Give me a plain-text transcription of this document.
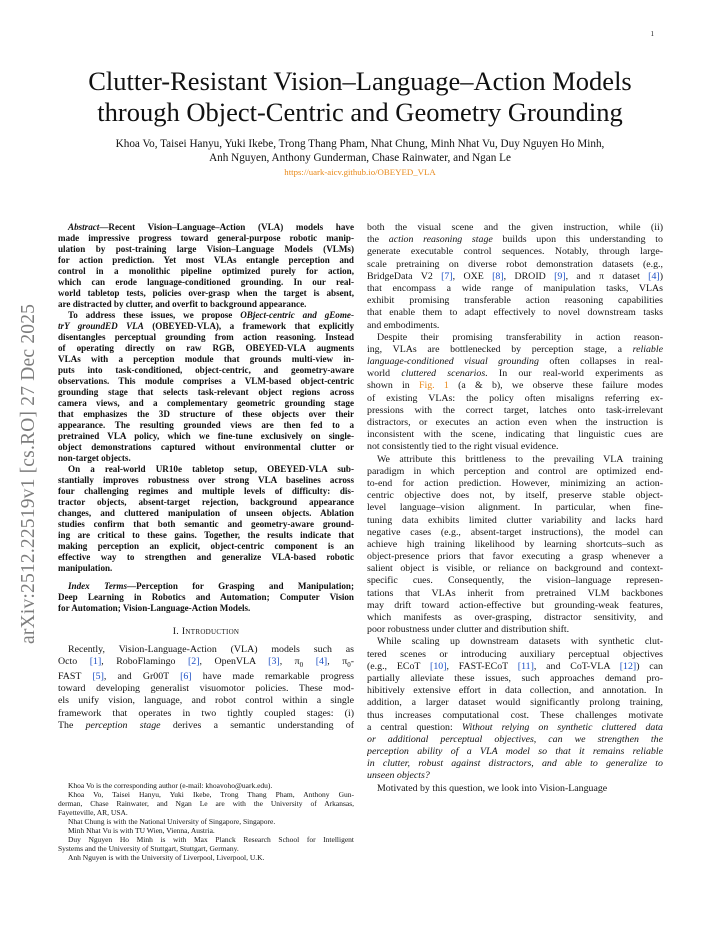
1
arXiv:2512.22519v1 [cs.RO] 27 Dec 2025
Clutter-Resistant Vision–Language–Action Models
through Object-Centric and Geometry Grounding
Khoa Vo, Taisei Hanyu, Yuki Ikebe, Trong Thang Pham, Nhat Chung, Minh Nhat Vu, Duy Nguyen Ho Minh,
Anh Nguyen, Anthony Gunderman, Chase Rainwater, and Ngan Le
https://uark-aicv.github.io/OBEYED_VLA
Abstract—Recent Vision–Language–Action (VLA) models have
made impressive progress toward general-purpose robotic manip-
ulation by post-training large Vision–Language Models (VLMs)
for action prediction. Yet most VLAs entangle perception and
control in a monolithic pipeline optimized purely for action,
which can erode language-conditioned grounding. In our real-
world tabletop tests, policies over-grasp when the target is absent,
are distracted by clutter, and overfit to background appearance.
To address these issues, we propose OBject-centric and gEome-
trY groundED VLA (OBEYED-VLA), a framework that explicitly
disentangles perceptual grounding from action reasoning. Instead
of operating directly on raw RGB, OBEYED-VLA augments
VLAs with a perception module that grounds multi-view in-
puts into task-conditioned, object-centric, and geometry-aware
observations. This module comprises a VLM-based object-centric
grounding stage that selects task-relevant object regions across
camera views, and a complementary geometric grounding stage
that emphasizes the 3D structure of these objects over their
appearance. The resulting grounded views are then fed to a
pretrained VLA policy, which we fine-tune exclusively on single-
object demonstrations captured without environmental clutter or
non-target objects.
On a real-world UR10e tabletop setup, OBEYED-VLA sub-
stantially improves robustness over strong VLA baselines across
four challenging regimes and multiple levels of difficulty: dis-
tractor objects, absent-target rejection, background appearance
changes, and cluttered manipulation of unseen objects. Ablation
studies confirm that both semantic and geometry-aware ground-
ing are critical to these gains. Together, the results indicate that
making perception an explicit, object-centric component is an
effective way to strengthen and generalize VLA-based robotic
manipulation.
Index Terms—Perception for Grasping and Manipulation;
Deep Learning in Robotics and Automation; Computer Vision
for Automation; Vision-Language-Action Models.
I. Introduction
Recently, Vision-Language-Action (VLA) models such as
Octo [1], RoboFlamingo [2], OpenVLA [3], $\pi_0$ [4], $\pi_0-$
FAST [5], and Gr00T [6] have made remarkable progress
toward developing generalist visuomotor policies. These mod-
els unify vision, language, and robot control within a single
framework that operates in two tightly coupled stages: (i)
The perception stage derives a semantic understanding of
Khoa Vo is the corresponding author (e-mail: khoavoho@uark.edu).
Khoa Vo, Taisei Hanyu, Yuki Ikebe, Trong Thang Pham, Anthony Gun-
derman, Chase Rainwater, and Ngan Le are with the University of Arkansas,
Fayetteville, AR, USA.
Nhat Chung is with the National University of Singapore, Singapore.
Minh Nhat Vu is with TU Wien, Vienna, Austria.
Duy Nguyen Ho Minh is with Max Planck Research School for Intelligent
Systems and the University of Stuttgart, Stuttgart, Germany.
Anh Nguyen is with the University of Liverpool, Liverpool, U.K.
both the visual scene and the given instruction, while (ii)
the action reasoning stage builds upon this understanding to
generate executable control sequences. Notably, through large-
scale pretraining on diverse robot demonstration datasets (e.g.,
BridgeData V2 [7], OXE [8], DROID [9], and π dataset [4])
that encompass a wide range of manipulation tasks, VLAs
exhibit promising transferable action reasoning capabilities
that enable them to adapt effectively to novel downstream tasks
and embodiments.
Despite their promising transferability in action reason-
ing, VLAs are bottlenecked by perception stage, a reliable
language-conditioned visual grounding often collapses in real-
world cluttered scenarios. In our real-world experiments as
shown in Fig. 1 (a & b), we observe these failure modes
of existing VLAs: the policy often misaligns referring ex-
pressions with the correct target, latches onto task-irrelevant
distractors, or executes an action even when the instruction is
inconsistent with the scene, indicating that linguistic cues are
not consistently tied to the right visual evidence.
We attribute this brittleness to the prevailing VLA training
paradigm in which perception and control are optimized end-
to-end for action prediction. However, minimizing an action-
centric objective does not, by itself, preserve stable object-
level language–vision alignment. In particular, when fine-
tuning data exhibits limited clutter variability and lacks hard
negative cases (e.g., absent-target instructions), the model can
achieve high training likelihood by learning shortcuts–such as
object-presence priors that favor executing a grasp whenever a
salient object is visible, or reliance on background and context-
specific cues. Consequently, the vision–language represen-
tations that VLAs inherit from pretrained VLM backbones
may drift toward action-effective but grounding-weak features,
which manifests as over-grasping, distractor sensitivity, and
poor robustness under clutter and distribution shift.
While scaling up downstream datasets with synthetic clut-
tered scenes or introducing auxiliary perceptual objectives
(e.g., ECoT [10], FAST-ECoT [11], and CoT-VLA [12]) can
partially alleviate these issues, such approaches demand pro-
hibitively extensive effort in data collection, and annotation. In
addition, a larger dataset would significantly prolong training,
thus increases computational cost. These challenges motivate
a central question: Without relying on synthetic cluttered data
or additional perceptual objectives, can we strengthen the
perception ability of a VLA model so that it remains reliable
in clutter, robust against distractors, and able to generalize to
unseen objects?
Motivated by this question, we look into Vision-Language
